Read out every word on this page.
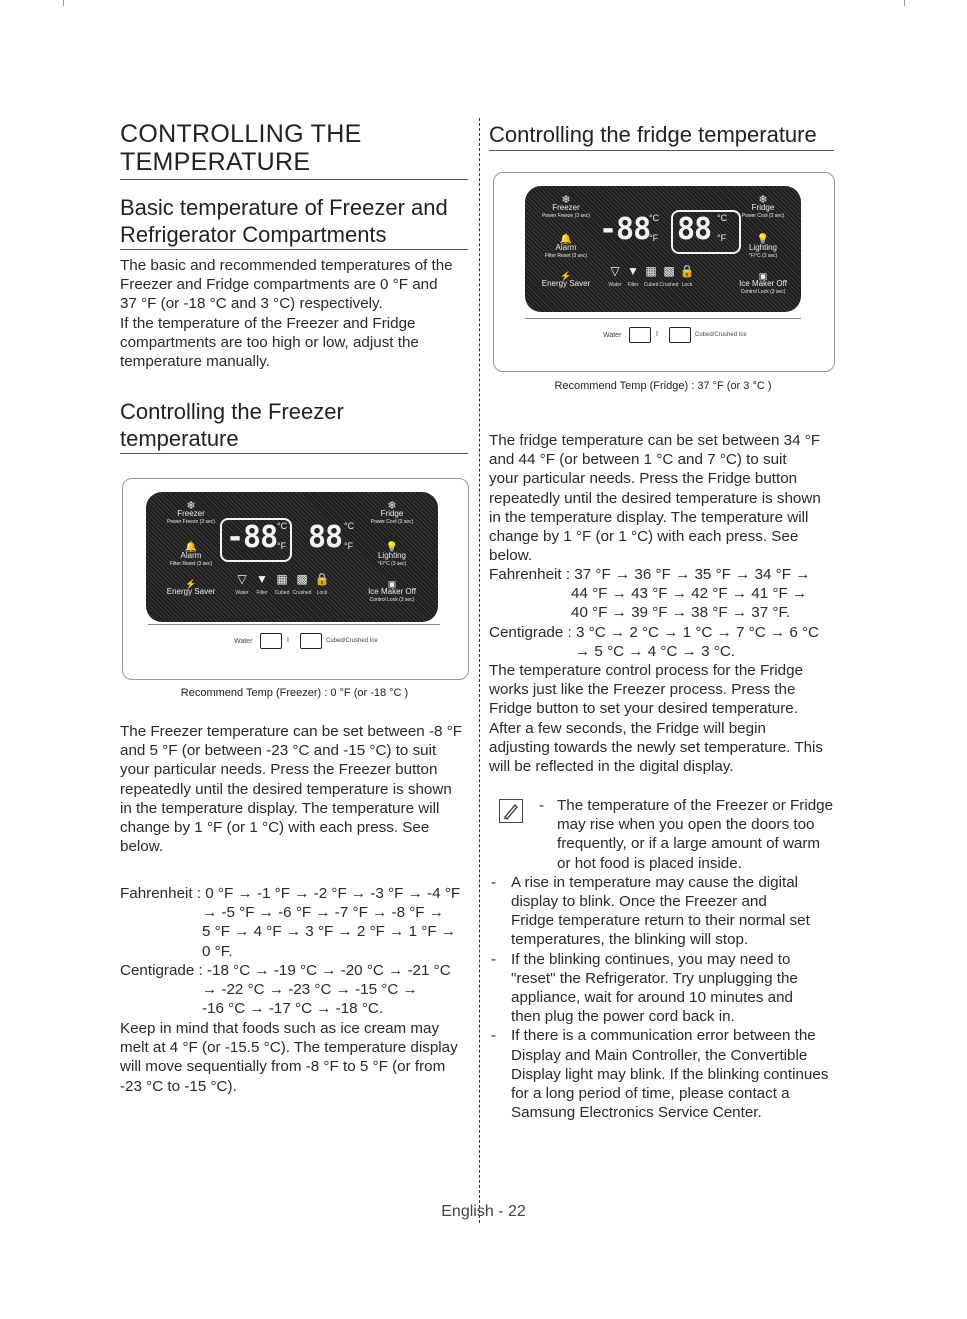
CONTROLLING THE
TEMPERATURE
Basic temperature of Freezer and
Refrigerator Compartments
The basic and recommended temperatures of the
Freezer and Fridge compartments are 0 °F and
37 °F (or -18 °C and 3 °C) respectively.
If the temperature of the Freezer and Fridge
compartments are too high or low, adjust the
temperature manually.
Controlling the Freezer
temperature
❄
Freezer
Power Freeze (3 sec)
🔔
Alarm
Filter Reset (3 sec)
⚡
Energy Saver
-88 °C
°F 88 °C
°F
❄
Fridge
Power Cool (3 sec)
💡
Lighting
°F/°C (3 sec)
▣
Ice Maker Off
Control Lock (3 sec)
▽ ▼ ▦ ▩ 🔒
Water	Filter	Cubed Crushed	Lock
Water	I	Cubed/Crushed Ice
Recommend Temp (Freezer) : 0 °F (or -18 °C )
The Freezer temperature can be set between -8 °F
and 5 °F (or between -23 °C and -15 °C) to suit
your particular needs. Press the Freezer button
repeatedly until the desired temperature is shown
in the temperature display. The temperature will
change by 1 °F (or 1 °C) with each press. See
below.

Fahrenheit : 0 °F → -1 °F → -2 °F → -3 °F → -4 °F

→ -5 °F → -6 °F → -7 °F → -8 °F →

5 °F → 4 °F → 3 °F → 2 °F → 1 °F →

0 °F.

Centigrade : -18 °C → -19 °C → -20 °C → -21 °C

→ -22 °C → -23 °C → -15 °C →

-16 °C → -17 °C → -18 °C.

Keep in mind that foods such as ice cream may
melt at 4 °F (or -15.5 °C). The temperature display
will move sequentially from -8 °F to 5 °F (or from
-23 °C to -15 °C).
Controlling the fridge temperature
❄
Freezer
Power Freeze (3 sec)
🔔
Alarm
Filter Reset (3 sec)
⚡
Energy Saver
-88
°C
°F 88 °C
°F
❄
Fridge
Power Cool (3 sec)
💡
Lighting
°F/°C (3 sec)
▣
Ice Maker Off
Control Lock (3 sec)
▽ ▼ ▦ ▩ 🔒
Water	Filter	Cubed Crushed Lock
Water	I	Cubed/Crushed Ice
Recommend Temp (Fridge) : 37 °F (or 3 °C )
The fridge temperature can be set between 34 °F
and 44 °F (or between 1 °C and 7 °C) to suit
your particular needs. Press the Fridge button
repeatedly until the desired temperature is shown
in the temperature display. The temperature will
change by 1 °F (or 1 °C) with each press. See
below.

Fahrenheit : 37 °F → 36 °F → 35 °F → 34 °F →

44 °F → 43 °F → 42 °F → 41 °F →

40 °F → 39 °F → 38 °F → 37 °F.

Centigrade : 3 °C → 2 °C → 1 °C → 7 °C → 6 °C

→ 5 °C → 4 °C → 3 °C.

The temperature control process for the Fridge
works just like the Freezer process. Press the
Fridge button to set your desired temperature.
After a few seconds, the Fridge will begin
adjusting towards the newly set temperature. This
will be reflected in the digital display.
- The temperature of the Freezer or Fridge
may rise when you open the doors too
frequently, or if a large amount of warm
or hot food is placed inside.
- A rise in temperature may cause the digital
display to blink. Once the Freezer and
Fridge temperature return to their normal set
temperatures, the blinking will stop.
- If the blinking continues, you may need to
"reset" the Refrigerator. Try unplugging the
appliance, wait for around 10 minutes and
then plug the power cord back in.
- If there is a communication error between the
Display and Main Controller, the Convertible
Display light may blink. If the blinking continues
for a long period of time, please contact a
Samsung Electronics Service Center.
English - 22
